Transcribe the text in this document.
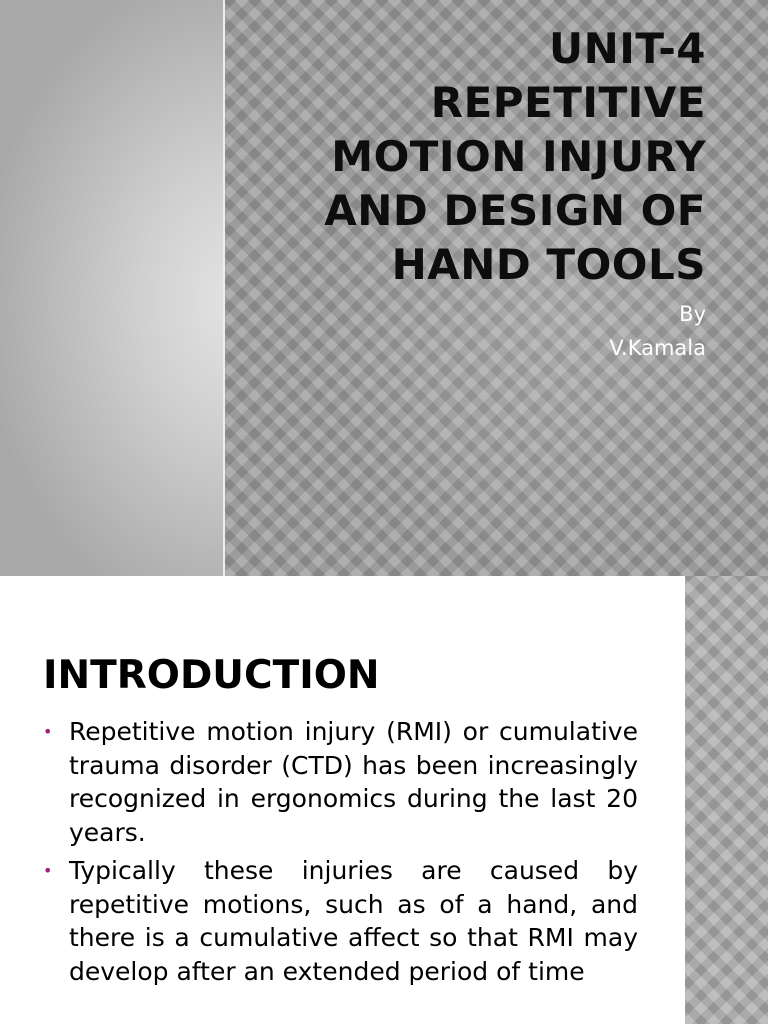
UNIT-4
REPETITIVE
MOTION INJURY
AND DESIGN OF
HAND TOOLS
By
V.Kamala
INTRODUCTION
• Repetitive motion injury (RMI) or cumulative trauma disorder (CTD) has been increasingly recognized in ergonomics during the last 20 years.
• Typically these injuries are caused by repetitive motions, such as of a hand, and there is a cumulative affect so that RMI may develop after an extended period of time
